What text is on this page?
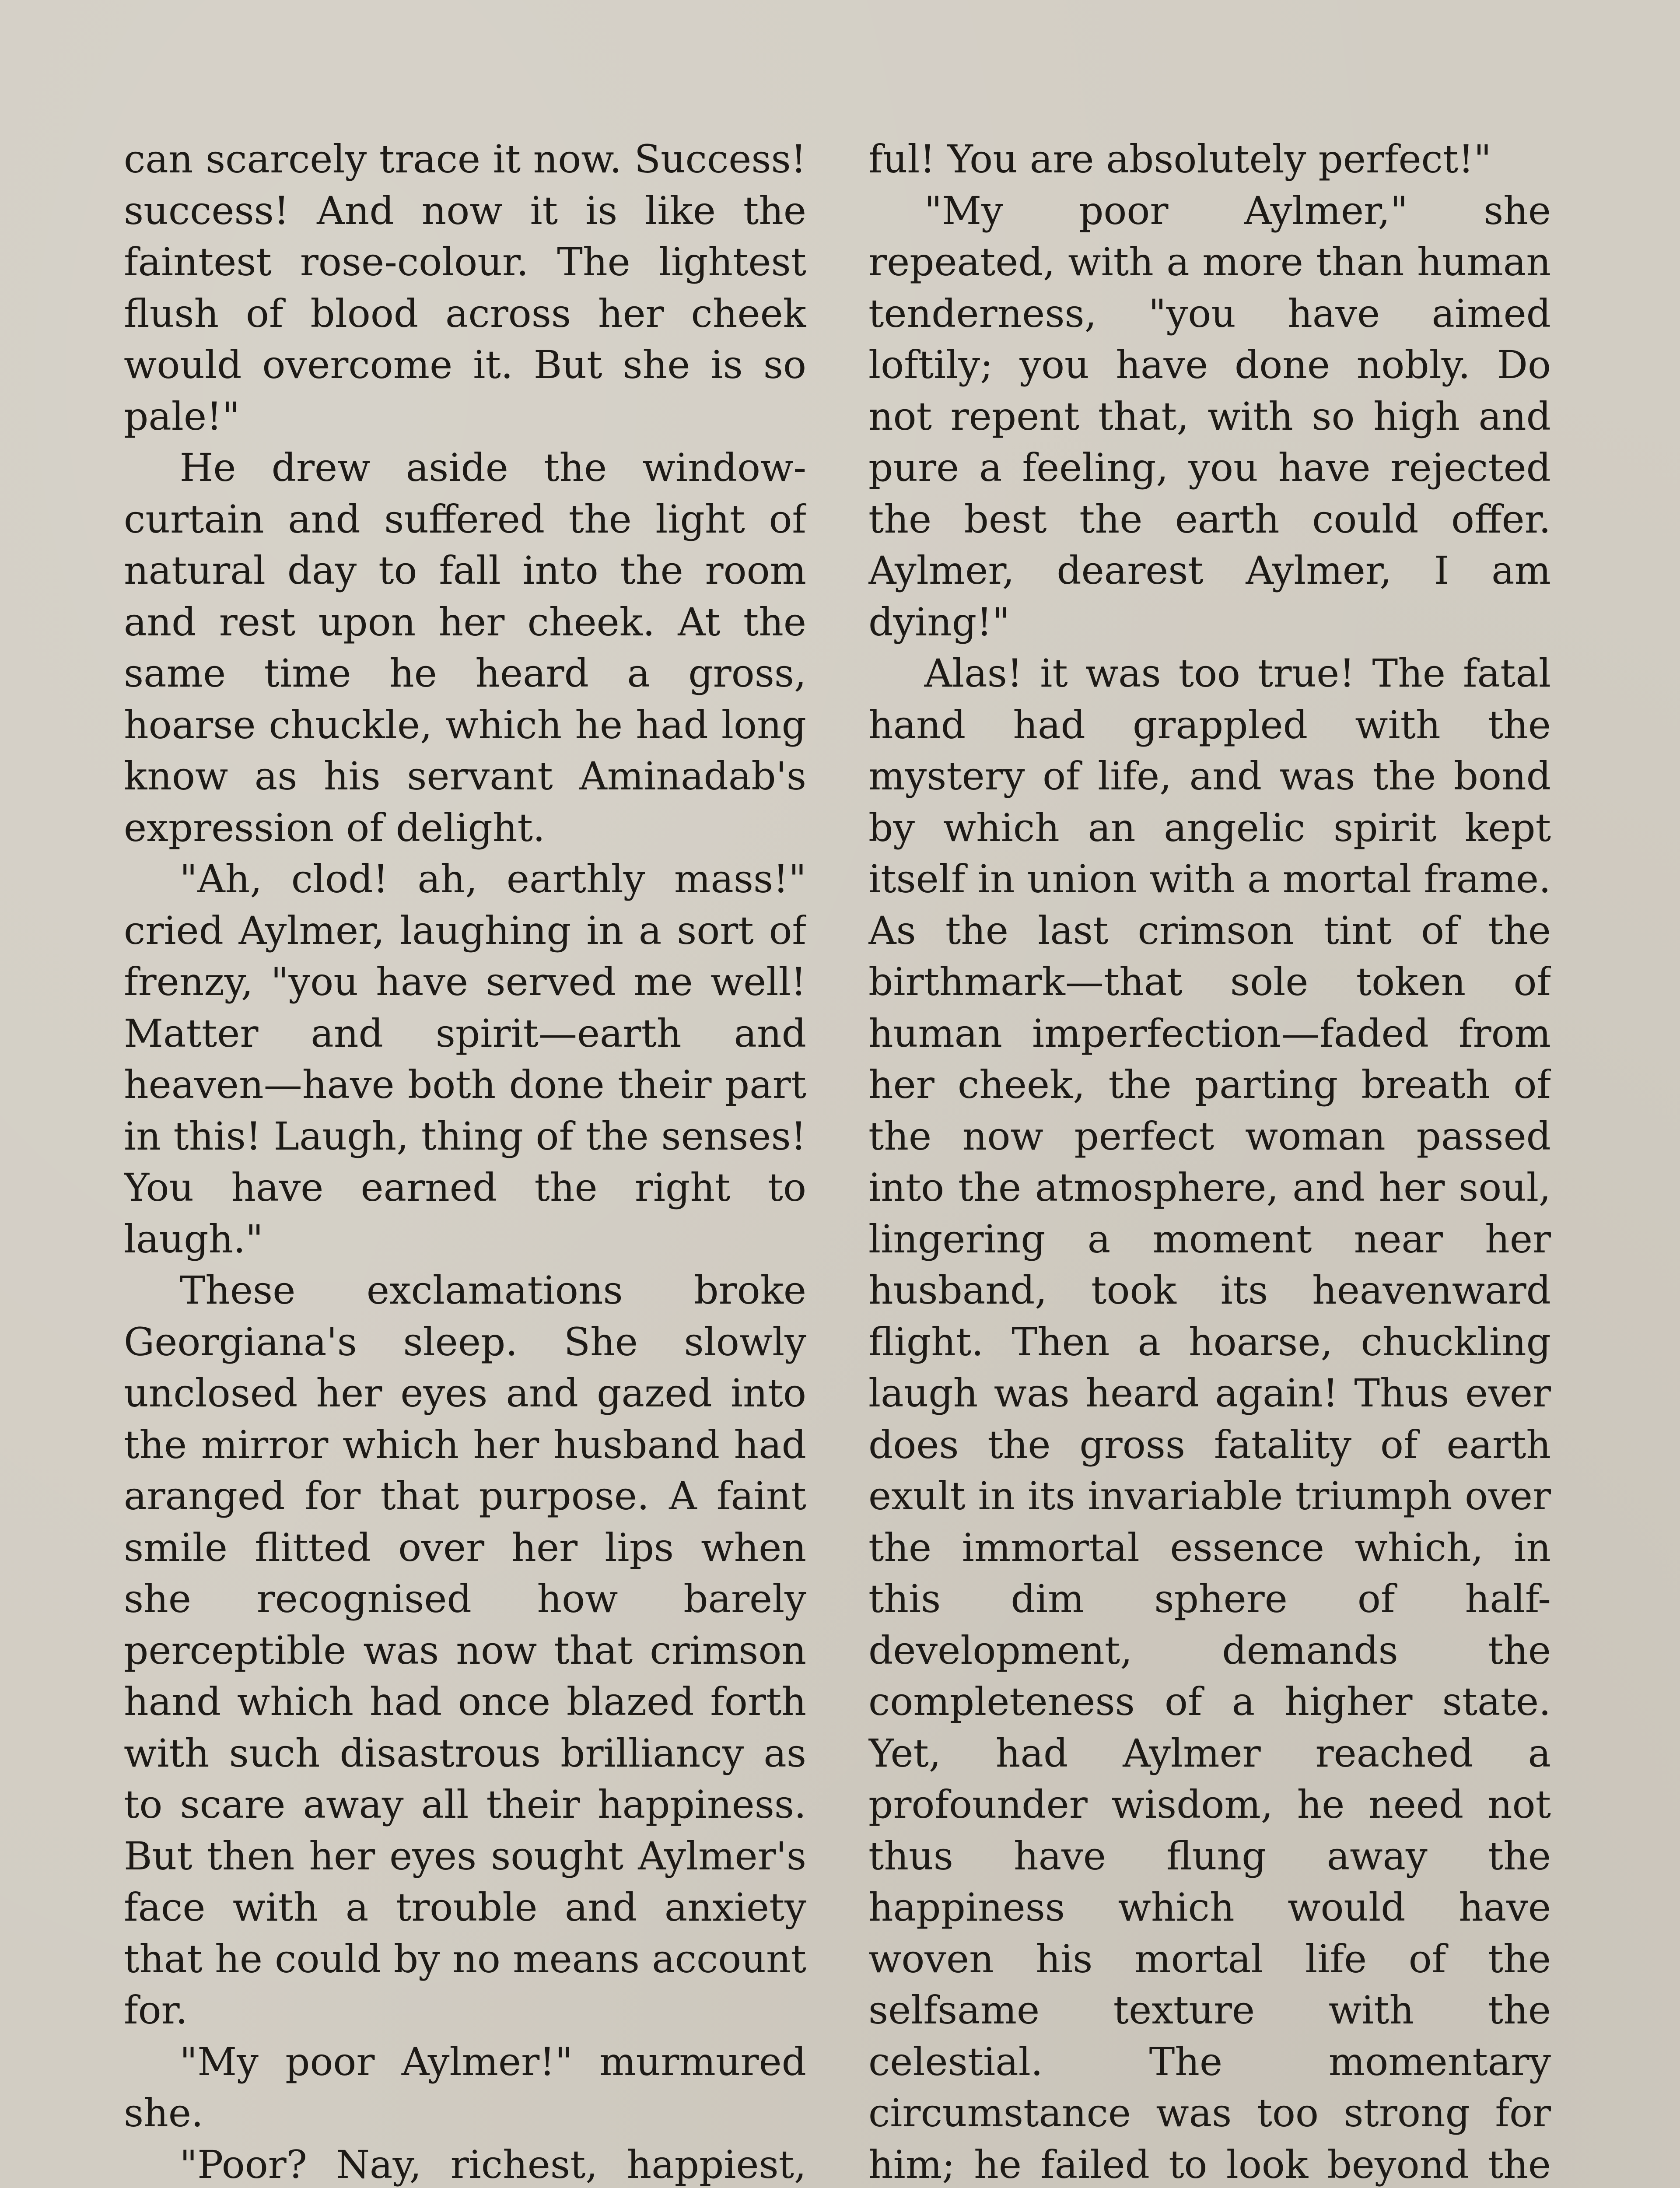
can scarcely trace it now. Success! success! And now it is like the faintest rose-colour. The lightest flush of blood across her cheek would overcome it. But she is so pale!"

He drew aside the window-curtain and suffered the light of natural day to fall into the room and rest upon her cheek. At the same time he heard a gross, hoarse chuckle, which he had long know as his servant Aminadab's expression of delight.

"Ah, clod! ah, earthly mass!" cried Aylmer, laughing in a sort of frenzy, "you have served me well! Matter and spirit—earth and heaven—have both done their part in this! Laugh, thing of the senses! You have earned the right to laugh."

These exclamations broke Georgiana's sleep. She slowly unclosed her eyes and gazed into the mirror which her husband had aranged for that purpose. A faint smile flitted over her lips when she recognised how barely perceptible was now that crimson hand which had once blazed forth with such disastrous brilliancy as to scare away all their happiness. But then her eyes sought Aylmer's face with a trouble and anxiety that he could by no means account for.

"My poor Aylmer!" murmured she.

"Poor? Nay, richest, happiest,

ful! You are absolutely perfect!"

"My poor Aylmer," she repeated, with a more than human tenderness, "you have aimed loftily; you have done nobly. Do not repent that, with so high and pure a feeling, you have rejected the best the earth could offer. Aylmer, dearest Aylmer, I am dying!"

Alas! it was too true! The fatal hand had grappled with the mystery of life, and was the bond by which an angelic spirit kept itself in union with a mortal frame. As the last crimson tint of the birthmark—that sole token of human imperfection—faded from her cheek, the parting breath of the now perfect woman passed into the atmosphere, and her soul, lingering a moment near her husband, took its heavenward flight. Then a hoarse, chuckling laugh was heard again! Thus ever does the gross fatality of earth exult in its invariable triumph over the immortal essence which, in this dim sphere of half-development, demands the completeness of a higher state. Yet, had Aylmer reached a profounder wisdom, he need not thus have flung away the happiness which would have woven his mortal life of the selfsame texture with the celestial. The momentary circumstance was too strong for him; he failed to look beyond the
